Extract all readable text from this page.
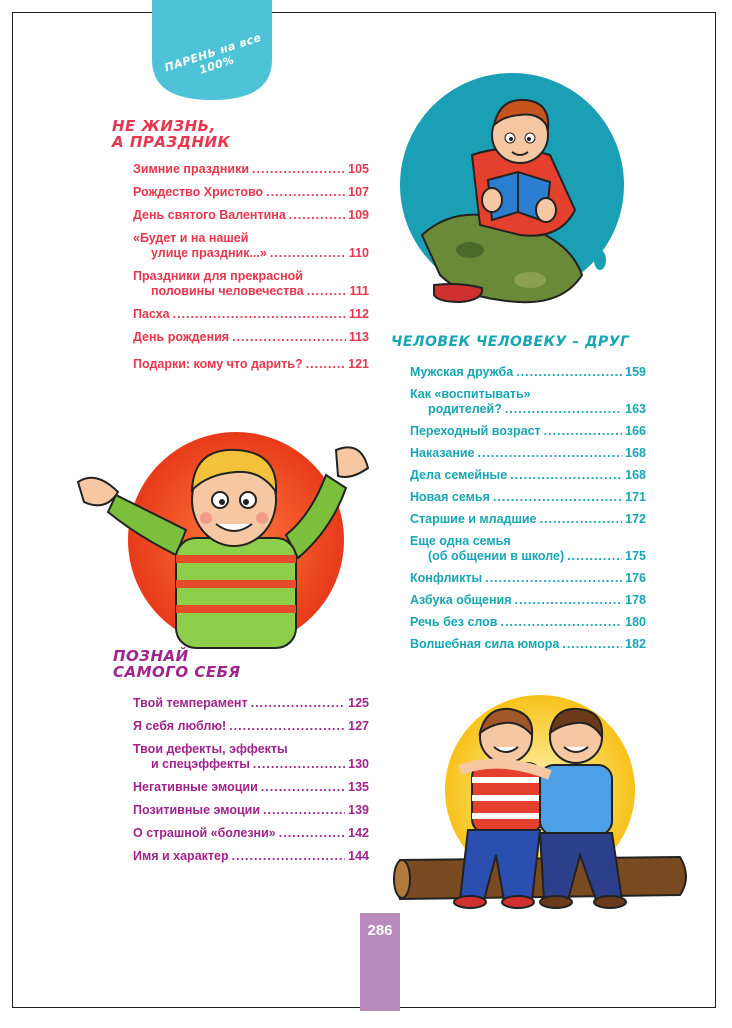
ПАРЕНЬ на все 100%
НЕ ЖИЗНЬ,
А ПРАЗДНИК
Зимние праздники .....	105
Рождество Христово .....	107
День святого Валентина .....	109
«Будет и на нашей
улице праздник...» .....	110
Праздники для прекрасной
половины человечества .....	111
Пасха .....	112
День рождения .....	113
Подарки: кому что дарить? .....	121
ПОЗНАЙ
САМОГО СЕБЯ
Твой темперамент .....	125
Я себя люблю! .....	127
Твои дефекты, эффекты
и спецэффекты .....	130
Негативные эмоции .....	135
Позитивные эмоции .....	139
О страшной «болезни» .....	142
Имя и характер .....	144
ЧЕЛОВЕК ЧЕЛОВЕКУ – ДРУГ
Мужская дружба .....	159
Как «воспитывать»
родителей? .....	163
Переходный возраст .....	166
Наказание .....	168
Дела семейные .....	168
Новая семья .....	171
Старшие и младшие .....	172
Еще одна семья
(об общении в школе) .....	175
Конфликты .....	176
Азбука общения .....	178
Речь без слов .....	180
Волшебная сила юмора .....	182
286
